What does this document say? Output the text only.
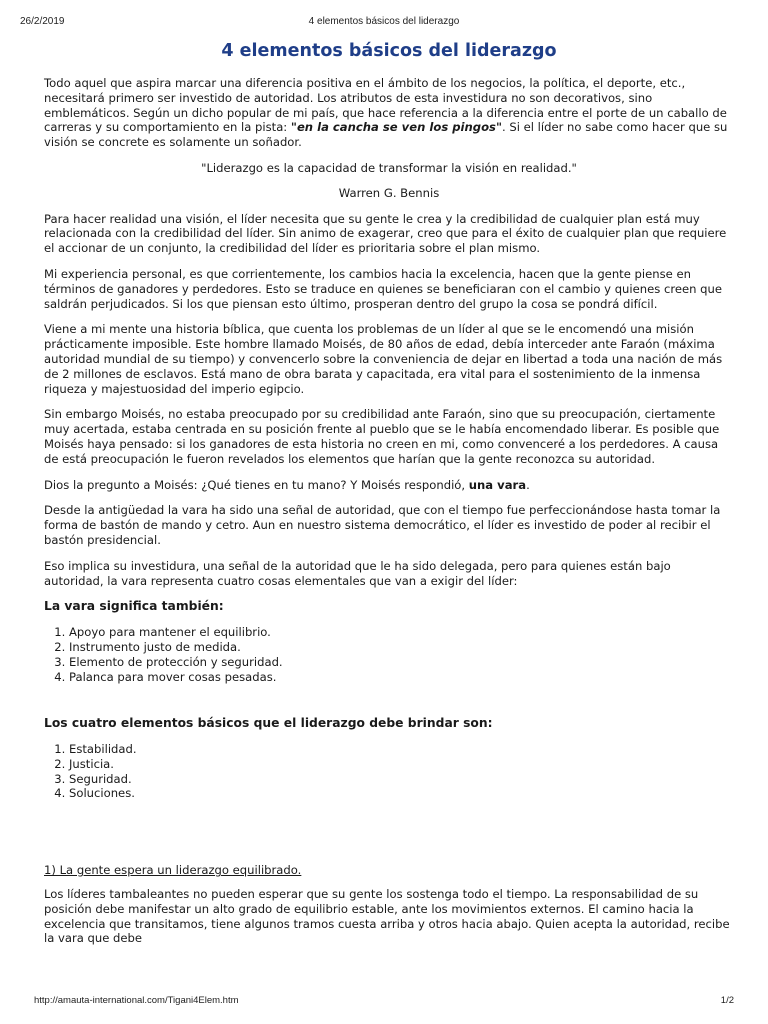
26/2/2019	4 elementos básicos del liderazgo
4 elementos básicos del liderazgo

Todo aquel que aspira marcar una diferencia positiva en el ámbito de los negocios, la política, el deporte, etc., necesitará primero ser investido de autoridad. Los atributos de esta investidura no son decorativos, sino emblemáticos. Según un dicho popular de mi país, que hace referencia a la diferencia entre el porte de un caballo de carreras y su comportamiento en la pista: "en la cancha se ven los pingos". Si el líder no sabe como hacer que su visión se concrete es solamente un soñador.

"Liderazgo es la capacidad de transformar la visión en realidad."

Warren G. Bennis

Para hacer realidad una visión, el líder necesita que su gente le crea y la credibilidad de cualquier plan está muy relacionada con la credibilidad del líder. Sin animo de exagerar, creo que para el éxito de cualquier plan que requiere el accionar de un conjunto, la credibilidad del líder es prioritaria sobre el plan mismo.

Mi experiencia personal, es que corrientemente, los cambios hacia la excelencia, hacen que la gente piense en términos de ganadores y perdedores. Esto se traduce en quienes se beneficiaran con el cambio y quienes creen que saldrán perjudicados. Si los que piensan esto último, prosperan dentro del grupo la cosa se pondrá difícil.

Viene a mi mente una historia bíblica, que cuenta los problemas de un líder al que se le encomendó una misión prácticamente imposible. Este hombre llamado Moisés, de 80 años de edad, debía interceder ante Faraón (máxima autoridad mundial de su tiempo) y convencerlo sobre la conveniencia de dejar en libertad a toda una nación de más de 2 millones de esclavos. Está mano de obra barata y capacitada, era vital para el sostenimiento de la inmensa riqueza y majestuosidad del imperio egipcio.

Sin embargo Moisés, no estaba preocupado por su credibilidad ante Faraón, sino que su preocupación, ciertamente muy acertada, estaba centrada en su posición frente al pueblo que se le había encomendado liberar. Es posible que Moisés haya pensado: si los ganadores de esta historia no creen en mi, como convenceré a los perdedores. A causa de está preocupación le fueron revelados los elementos que harían que la gente reconozca su autoridad.

Dios la pregunto a Moisés: ¿Qué tienes en tu mano? Y Moisés respondió, una vara.

Desde la antigüedad la vara ha sido una señal de autoridad, que con el tiempo fue perfeccionándose hasta tomar la forma de bastón de mando y cetro. Aun en nuestro sistema democrático, el líder es investido de poder al recibir el bastón presidencial.

Eso implica su investidura, una señal de la autoridad que le ha sido delegada, pero para quienes están bajo autoridad, la vara representa cuatro cosas elementales que van a exigir del líder:

La vara significa también:
1. Apoyo para mantener el equilibrio.
2. Instrumento justo de medida.
3. Elemento de protección y seguridad.
4. Palanca para mover cosas pesadas.
Los cuatro elementos básicos que el liderazgo debe brindar son:
1. Estabilidad.
2. Justicia.
3. Seguridad.
4. Soluciones.
1) La gente espera un liderazgo equilibrado.

Los líderes tambaleantes no pueden esperar que su gente los sostenga todo el tiempo. La responsabilidad de su posición debe manifestar un alto grado de equilibrio estable, ante los movimientos externos. El camino hacia la excelencia que transitamos, tiene algunos tramos cuesta arriba y otros hacia abajo. Quien acepta la autoridad, recibe la vara que debe

http://amauta-international.com/Tigani4Elem.htm	1/2
